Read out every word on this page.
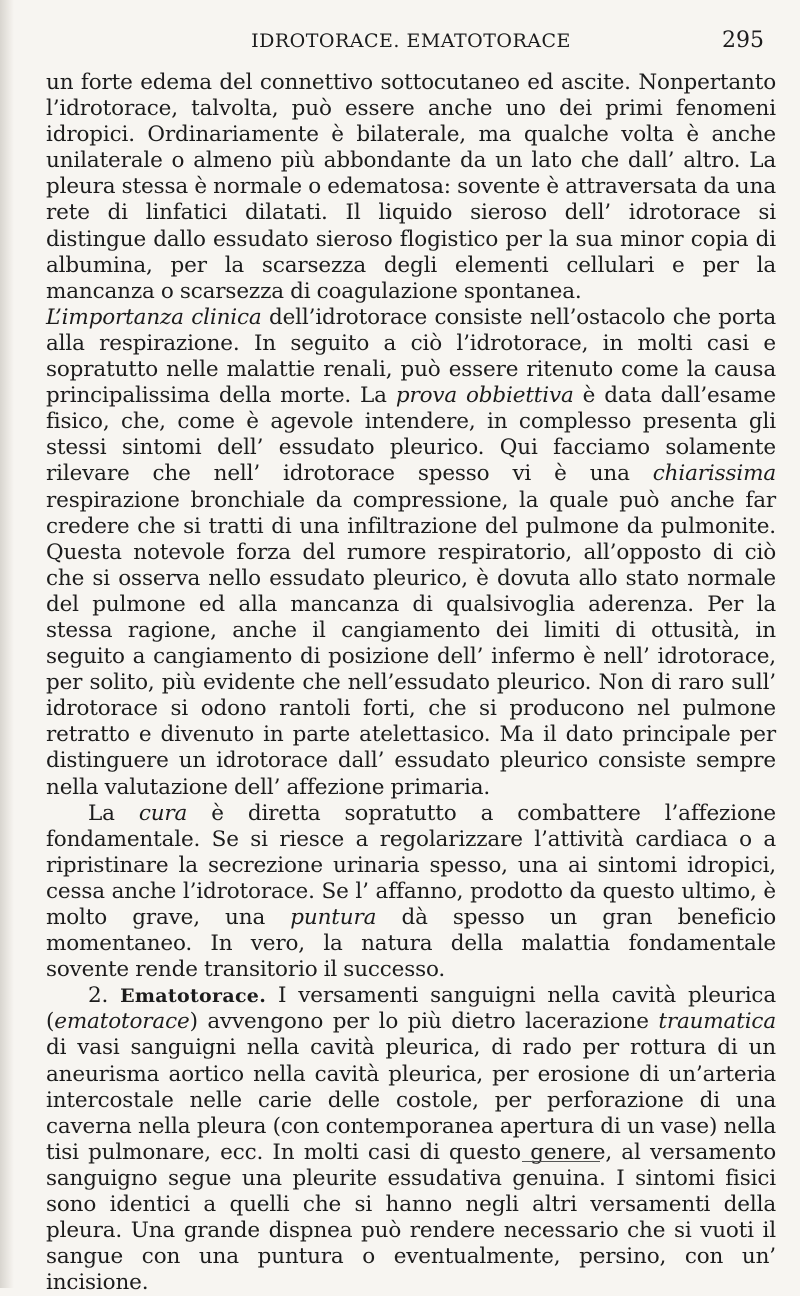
IDROTORACE. EMATOTORACE	295

un forte edema del connettivo sottocutaneo ed ascite. Nonpertanto l’idrotorace, talvolta, può essere anche uno dei primi fenomeni idropici. Ordinariamente è bilaterale, ma qualche volta è anche unilaterale o almeno più abbondante da un lato che dall’ altro. La pleura stessa è normale o edematosa: sovente è attraversata da una rete di linfatici dilatati. Il liquido sieroso dell’ idrotorace si distingue dallo essudato sieroso flogistico per la sua minor copia di albumina, per la scarsezza degli elementi cellulari e per la mancanza o scarsezza di coagulazione spontanea.

L’importanza clinica dell’idrotorace consiste nell’ostacolo che porta alla respirazione. In seguito a ciò l’idrotorace, in molti casi e sopratutto nelle malattie renali, può essere ritenuto come la causa principalissima della morte. La prova obbiettiva è data dall’esame fisico, che, come è agevole intendere, in complesso presenta gli stessi sintomi dell’ essudato pleurico. Qui facciamo solamente rilevare che nell’ idrotorace spesso vi è una chiarissima respirazione bronchiale da compressione, la quale può anche far credere che si tratti di una infiltrazione del pulmone da pulmonite. Questa notevole forza del rumore respiratorio, all’opposto di ciò che si osserva nello essudato pleurico, è dovuta allo stato normale del pulmone ed alla mancanza di qualsivoglia aderenza. Per la stessa ragione, anche il cangiamento dei limiti di ottusità, in seguito a cangiamento di posizione dell’ infermo è nell’ idrotorace, per solito, più evidente che nell’essudato pleurico. Non di raro sull’ idrotorace si odono rantoli forti, che si producono nel pulmone retratto e divenuto in parte atelettasico. Ma il dato principale per distinguere un idrotorace dall’ essudato pleurico consiste sempre nella valutazione dell’ affezione primaria.

La cura è diretta sopratutto a combattere l’affezione fondamentale. Se si riesce a regolarizzare l’attività cardiaca o a ripristinare la secrezione urinaria spesso, una ai sintomi idropici, cessa anche l’idrotorace. Se l’ affanno, prodotto da questo ultimo, è molto grave, una puntura dà spesso un gran beneficio momentaneo. In vero, la natura della malattia fondamentale sovente rende transitorio il successo.

2. Ematotorace. I versamenti sanguigni nella cavità pleurica (ematotorace) avvengono per lo più dietro lacerazione traumatica di vasi sanguigni nella cavità pleurica, di rado per rottura di un aneurisma aortico nella cavità pleurica, per erosione di un’arteria intercostale nelle carie delle costole, per perforazione di una caverna nella pleura (con contemporanea apertura di un vase) nella tisi pulmonare, ecc. In molti casi di questo genere, al versamento sanguigno segue una pleurite essudativa genuina. I sintomi fisici sono identici a quelli che si hanno negli altri versamenti della pleura. Una grande dispnea può rendere necessario che si vuoti il sangue con una puntura o eventualmente, persino, con un’ incisione.
